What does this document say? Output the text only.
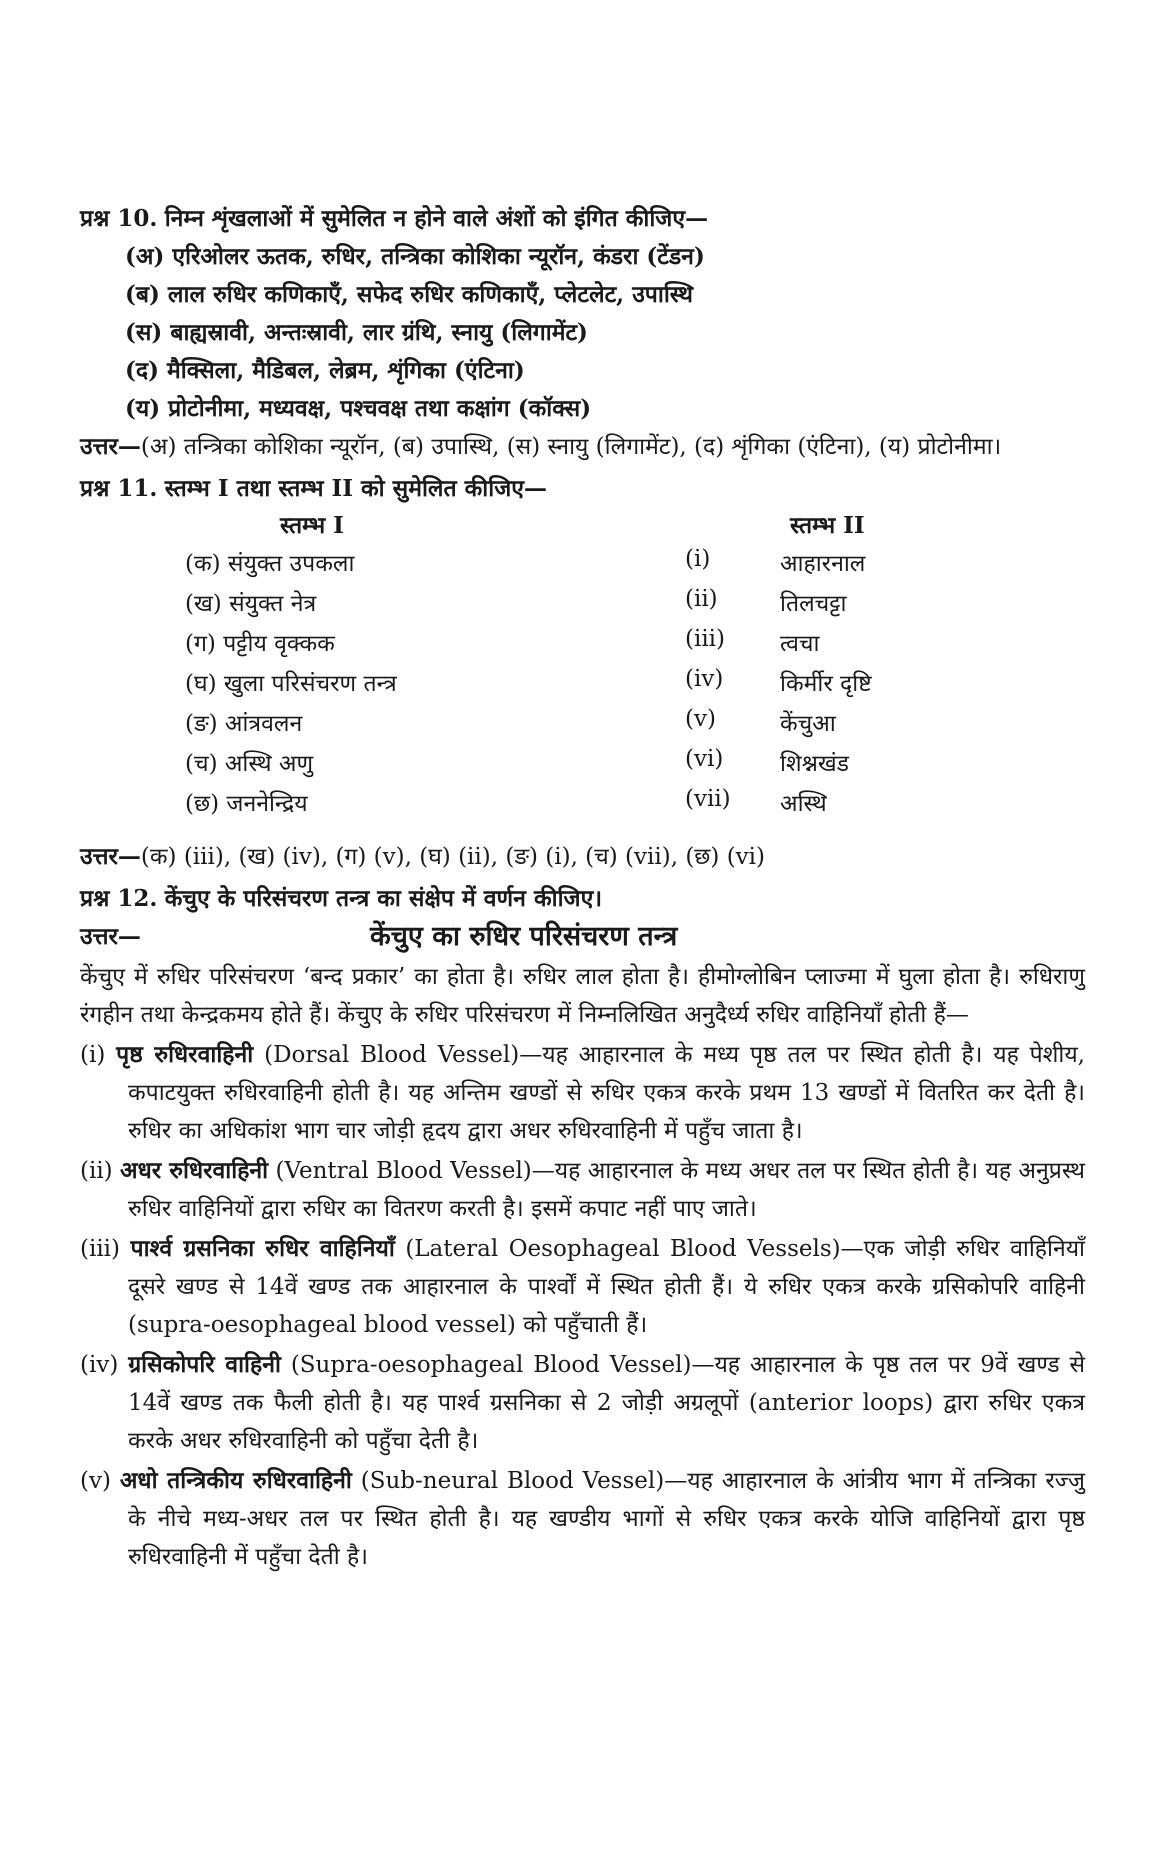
प्रश्न 10. निम्न शृंखलाओं में सुमेलित न होने वाले अंशों को इंगित कीजिए—
(अ) एरिओलर ऊतक, रुधिर, तन्त्रिका कोशिका न्यूरॉन, कंडरा (टेंडन)
(ब) लाल रुधिर कणिकाएँ, सफेद रुधिर कणिकाएँ, प्लेटलेट, उपास्थि
(स) बाह्यस्रावी, अन्तःस्रावी, लार ग्रंथि, स्नायु (लिगामेंट)
(द) मैक्सिला, मैडिबल, लेब्रम, शृंगिका (एंटिना)
(य) प्रोटोनीमा, मध्यवक्ष, पश्चवक्ष तथा कक्षांग (कॉक्स)
उत्तर—(अ) तन्त्रिका कोशिका न्यूरॉन, (ब) उपास्थि, (स) स्नायु (लिगामेंट), (द) शृंगिका (एंटिना), (य) प्रोटोनीमा।
प्रश्न 11. स्तम्भ I तथा स्तम्भ II को सुमेलित कीजिए—
स्तम्भ I	स्तम्भ II
(क) संयुक्त उपकला
(ख) संयुक्त नेत्र
(ग) पट्टीय वृक्कक
(घ) खुला परिसंचरण तन्त्र
(ङ) आंत्रवलन
(च) अस्थि अणु
(छ) जननेन्द्रिय
(i)
(ii)
(iii)
(iv)
(v)
(vi)
(vii)
आहारनाल
तिलचट्टा
त्वचा
किर्मीर दृष्टि
केंचुआ
शिश्नखंड
अस्थि
उत्तर—(क) (iii), (ख) (iv), (ग) (v), (घ) (ii), (ङ) (i), (च) (vii), (छ) (vi)
प्रश्न 12. केंचुए के परिसंचरण तन्त्र का संक्षेप में वर्णन कीजिए।
उत्तर—	केंचुए का रुधिर परिसंचरण तन्त्र
केंचुए में रुधिर परिसंचरण ‘बन्द प्रकार’ का होता है। रुधिर लाल होता है। हीमोग्लोबिन प्लाज्मा में घुला होता है। रुधिराणु रंगहीन तथा केन्द्रकमय होते हैं। केंचुए के रुधिर परिसंचरण में निम्नलिखित अनुदैर्ध्य रुधिर वाहिनियाँ होती हैं—
(i) पृष्ठ रुधिरवाहिनी (Dorsal Blood Vessel)—यह आहारनाल के मध्य पृष्ठ तल पर स्थित होती है। यह पेशीय, कपाटयुक्त रुधिरवाहिनी होती है। यह अन्तिम खण्डों से रुधिर एकत्र करके प्रथम 13 खण्डों में वितरित कर देती है। रुधिर का अधिकांश भाग चार जोड़ी हृदय द्वारा अधर रुधिरवाहिनी में पहुँच जाता है।
(ii) अधर रुधिरवाहिनी (Ventral Blood Vessel)—यह आहारनाल के मध्य अधर तल पर स्थित होती है। यह अनुप्रस्थ रुधिर वाहिनियों द्वारा रुधिर का वितरण करती है। इसमें कपाट नहीं पाए जाते।
(iii) पार्श्व ग्रसनिका रुधिर वाहिनियाँ (Lateral Oesophageal Blood Vessels)—एक जोड़ी रुधिर वाहिनियाँ दूसरे खण्ड से 14वें खण्ड तक आहारनाल के पार्श्वों में स्थित होती हैं। ये रुधिर एकत्र करके ग्रसिकोपरि वाहिनी (supra-oesophageal blood vessel) को पहुँचाती हैं।
(iv) ग्रसिकोपरि वाहिनी (Supra-oesophageal Blood Vessel)—यह आहारनाल के पृष्ठ तल पर 9वें खण्ड से 14वें खण्ड तक फैली होती है। यह पार्श्व ग्रसनिका से 2 जोड़ी अग्रलूपों (anterior loops) द्वारा रुधिर एकत्र करके अधर रुधिरवाहिनी को पहुँचा देती है।
(v) अधो तन्त्रिकीय रुधिरवाहिनी (Sub-neural Blood Vessel)—यह आहारनाल के आंत्रीय भाग में तन्त्रिका रज्जु के नीचे मध्य-अधर तल पर स्थित होती है। यह खण्डीय भागों से रुधिर एकत्र करके योजि वाहिनियों द्वारा पृष्ठ रुधिरवाहिनी में पहुँचा देती है।
